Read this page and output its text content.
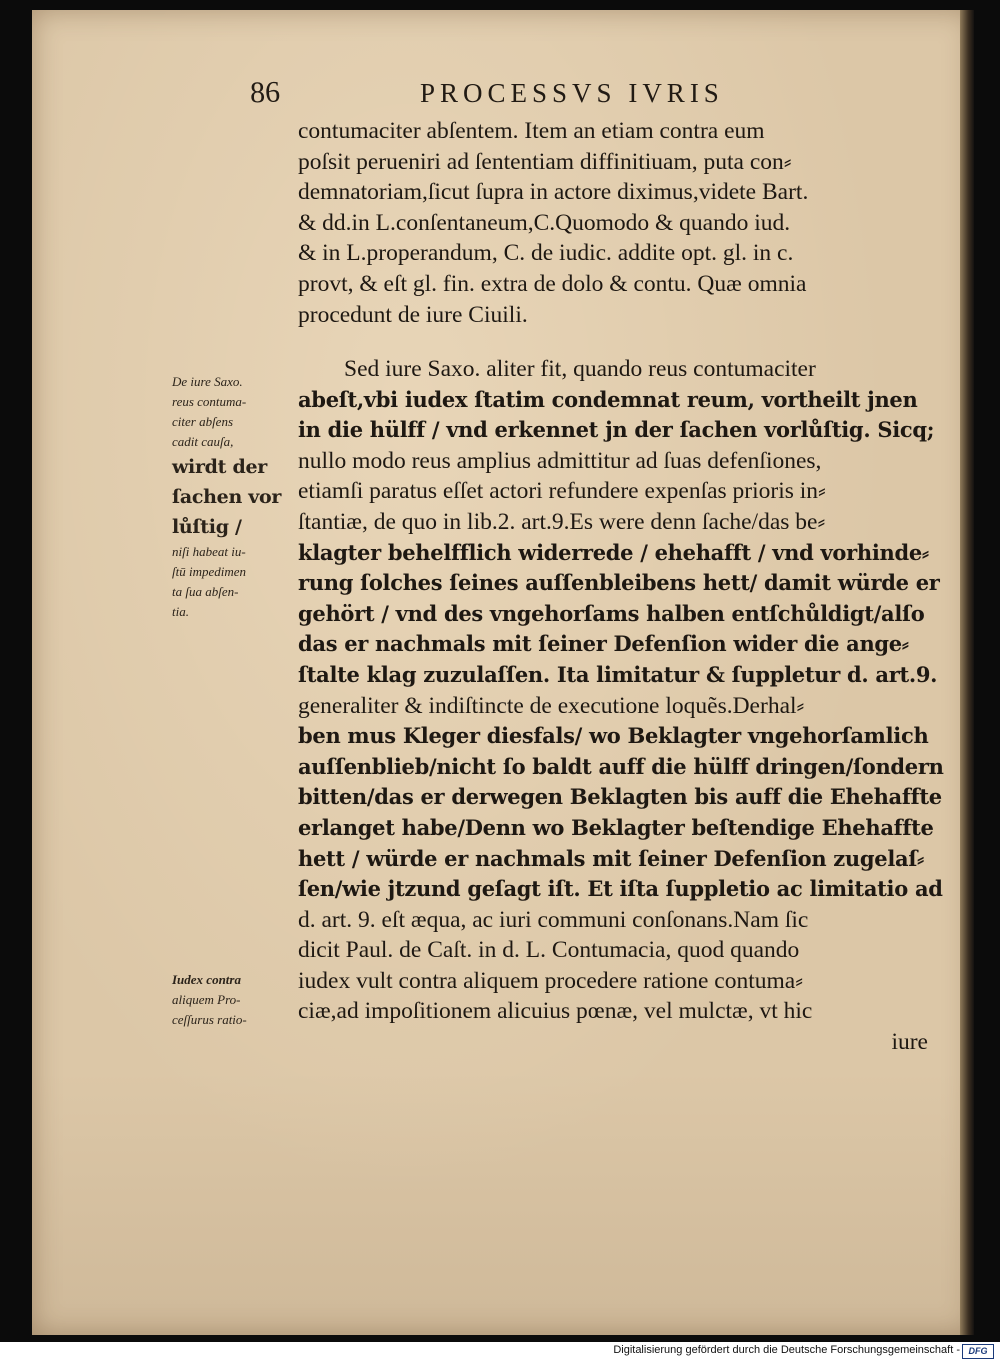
86	PROCESSVS IVRIS
contumaciter abſentem. Item an etiam contra eum
poſsit perueniri ad ſententiam diffinitiuam, puta con⸗
demnatoriam,ſicut ſupra in actore diximus,videte Bart.
& dd.in L.conſentaneum,C.Quomodo & quando iud.
& in L.properandum, C. de iudic. addite opt. gl. in c.
provt, & eſt gl. fin. extra de dolo & contu. Quæ omnia
procedunt de iure Ciuili.
Sed iure Saxo. aliter fit, quando reus contumaciter
abeſt,vbi iudex ſtatim condemnat reum, vortheilt jnen
in die hülff / vnd erkennet jn der ſachen vorlůſtig. Sicq;
nullo modo reus amplius admittitur ad ſuas defenſiones,
etiamſi paratus eſſet actori refundere expenſas prioris in⸗
ſtantiæ, de quo in lib.2. art.9.Es were denn ſache/das be⸗
klagter behelfflich widerrede / ehehafft / vnd vorhinde⸗
rung ſolches ſeines auſſenbleibens hett/ damit würde er
gehört / vnd des vngehorſams halben entſchůldigt/alſo
das er nachmals mit ſeiner Defenſion wider die ange⸗
ſtalte klag zuzulaſſen. Ita limitatur & ſuppletur d. art.9.
generaliter & indiſtincte de executione loquẽs.Derhal⸗
ben mus Kleger diesfals/ wo Beklagter vngehorſamlich
auſſenblieb/nicht ſo baldt auff die hülff dringen/ſondern
bitten/das er derwegen Beklagten bis auff die Ehehaffte
erlanget habe/Denn wo Beklagter beſtendige Ehehaffte
hett / würde er nachmals mit ſeiner Defenſion zugelaſ⸗
ſen/wie jtzund geſagt iſt. Et iſta ſuppletio ac limitatio ad
d. art. 9. eſt æqua, ac iuri communi conſonans.Nam ſic
dicit Paul. de Caſt. in d. L. Contumacia, quod quando
iudex vult contra aliquem procedere ratione contuma⸗
ciæ,ad impoſitionem alicuius pœnæ, vel mulctæ, vt hic
iure
De iure Saxo.
reus contuma-
citer abſens
cadit cauſa,
wirdt der
ſachen vor
lůſtig /
niſi habeat iu-
ſtū impedimen
ta ſua abſen-
tia.
Iudex contra
aliquem Pro-
ceſſurus ratio-
Digitalisierung gefördert durch die Deutsche Forschungsgemeinschaft - DFG
